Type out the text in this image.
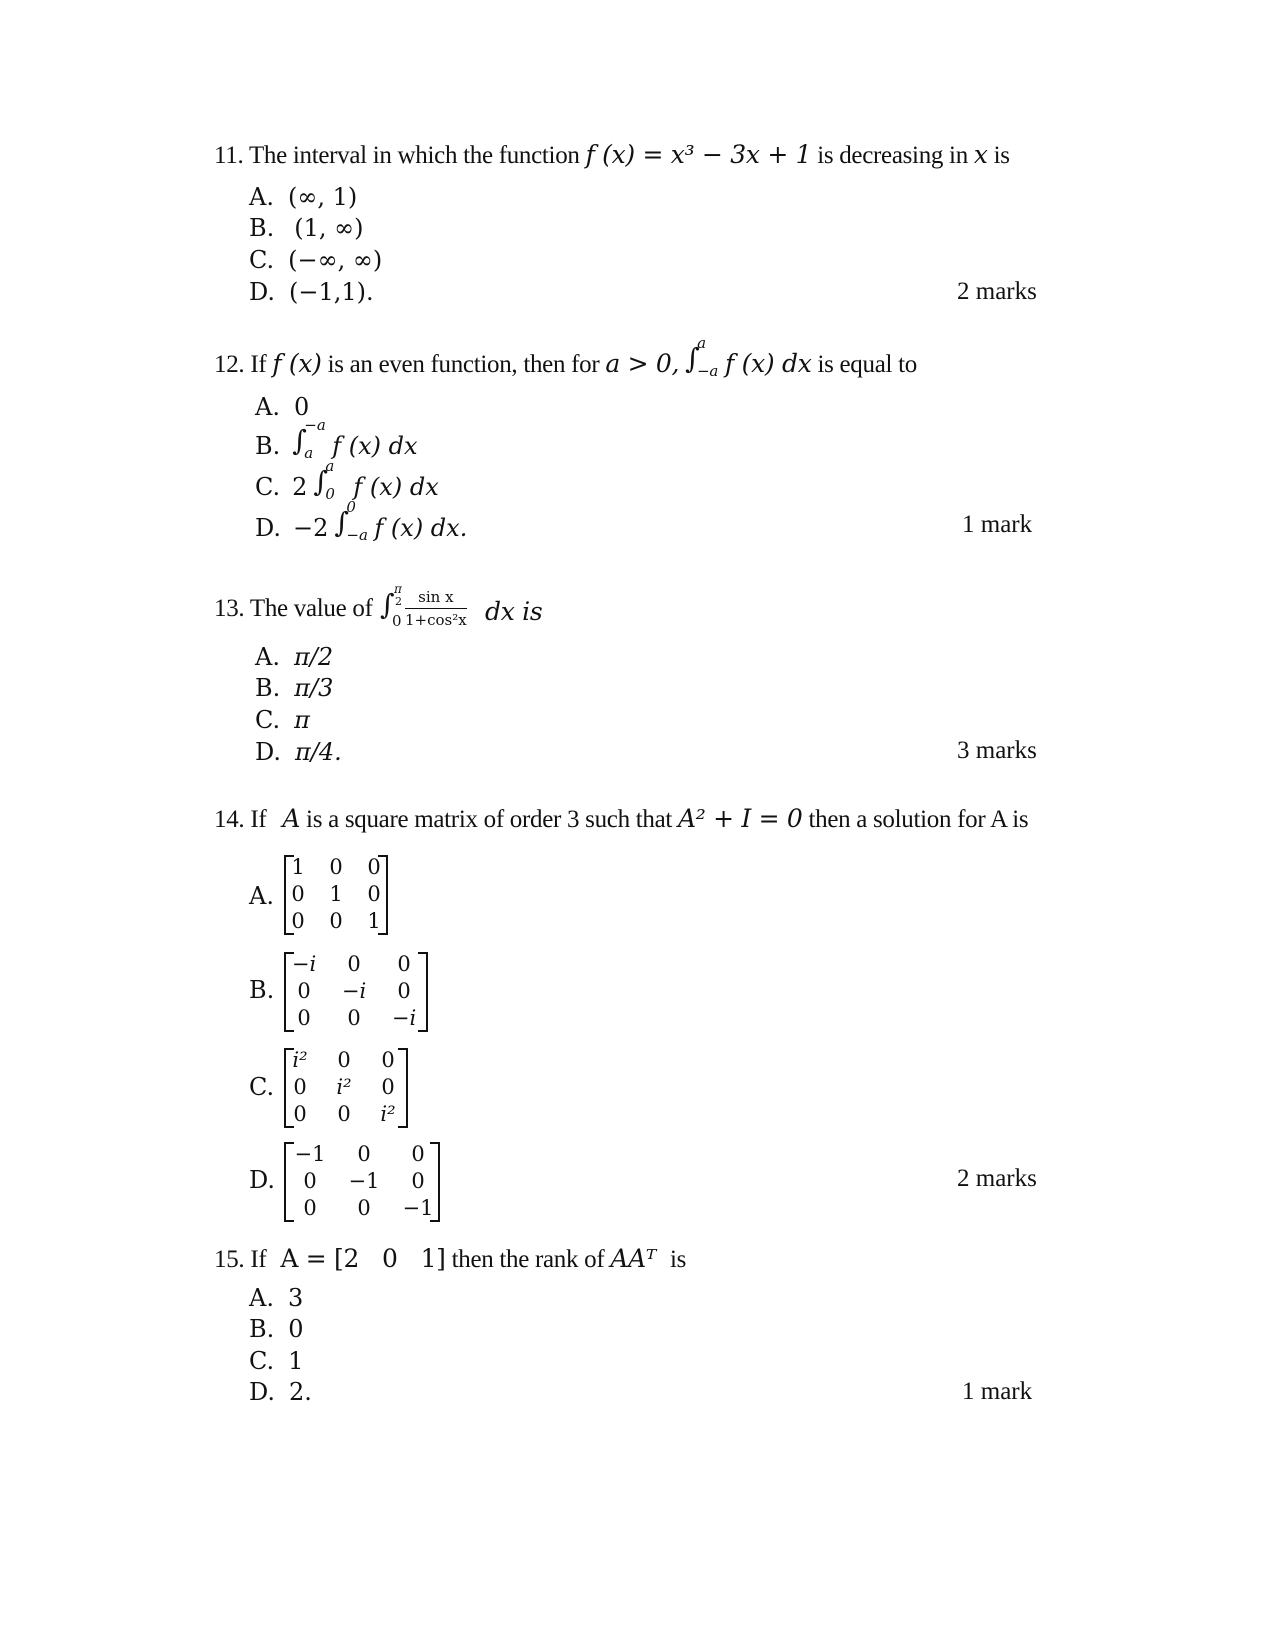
11. The interval in which the function f (x) = x³ − 3x + 1 is decreasing in x is
A. (∞, 1)
B. (1, ∞)
C. (−∞, ∞)
D. (−1,1).	2 marks
12. If f (x) is an even function, then for a > 0, ∫
a
−a f (x) dx is equal to
A. 0
B. ∫
−a
a f (x) dx
C. 2 ∫
a
0 f (x) dx
D. −2 ∫
0
−a f (x) dx.	1 mark
13. The value of ∫ π
2
$0 \frac{\text{sin x}}{\text{1+cos²x}}$ dx is
A. π/2
B. π/3
C. π
D. π/4.	3 marks
14. If A is a square matrix of order 3 such that A² + I = 0 then a solution for A is
A.
1	0	0
0	1	0
0	0	1
B.
−i	0	0
0	−i	0
0	0	−i
C.
i²	0	0
0	i²	0
0	0	i²
D.
−1	0	0
0	−1	0
0	0	−1
2 marks
15. If A = [2   0   1] then the rank of AAᵀ is
A. 3
B. 0
C. 1
D. 2.	1 mark
